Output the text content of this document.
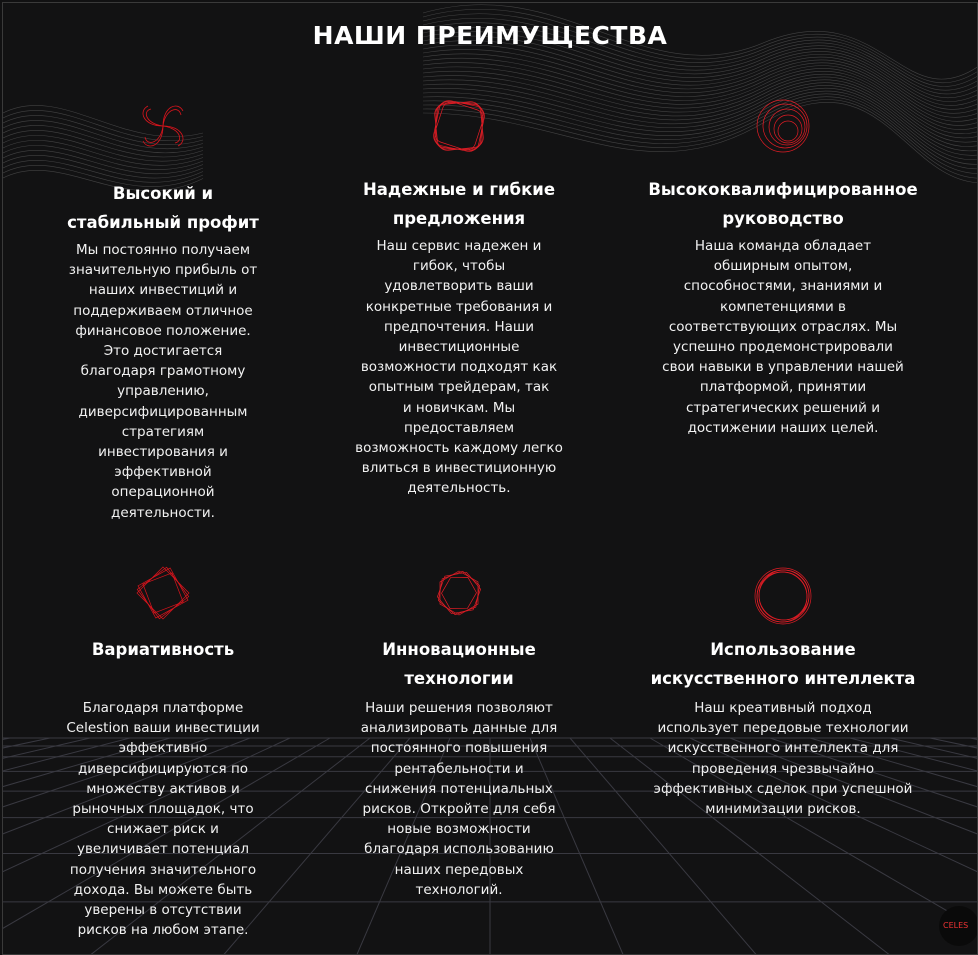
НАШИ ПРЕИМУЩЕСТВА
Высокий и
стабильный профит

Мы постоянно получаем
значительную прибыль от
наших инвестиций и
поддерживаем отличное
финансовое положение.
Это достигается
благодаря грамотному
управлению,
диверсифицированным
стратегиям
инвестирования и
эффективной
операционной
деятельности.

Надежные и гибкие
предложения

Наш сервис надежен и
гибок, чтобы
удовлетворить ваши
конкретные требования и
предпочтения. Наши
инвестиционные
возможности подходят как
опытным трейдерам, так
и новичкам. Мы
предоставляем
возможность каждому легко
влиться в инвестиционную
деятельность.

Высококвалифицированное
руководство

Наша команда обладает
обширным опытом,
способностями, знаниями и
компетенциями в
соответствующих отраслях. Мы
успешно продемонстрировали
свои навыки в управлении нашей
платформой, принятии
стратегических решений и
достижении наших целей.

Вариативность

Благодаря платформе
Celestion ваши инвестиции
эффективно
диверсифицируются по
множеству активов и
рыночных площадок, что
снижает риск и
увеличивает потенциал
получения значительного
дохода. Вы можете быть
уверены в отсутствии
рисков на любом этапе.

Инновационные
технологии

Наши решения позволяют
анализировать данные для
постоянного повышения
рентабельности и
снижения потенциальных
рисков. Откройте для себя
новые возможности
благодаря использованию
наших передовых
технологий.

Использование
искусственного интеллекта

Наш креативный подход
использует передовые технологии
искусственного интеллекта для
проведения чрезвычайно
эффективных сделок при успешной
минимизации рисков.

CELES
